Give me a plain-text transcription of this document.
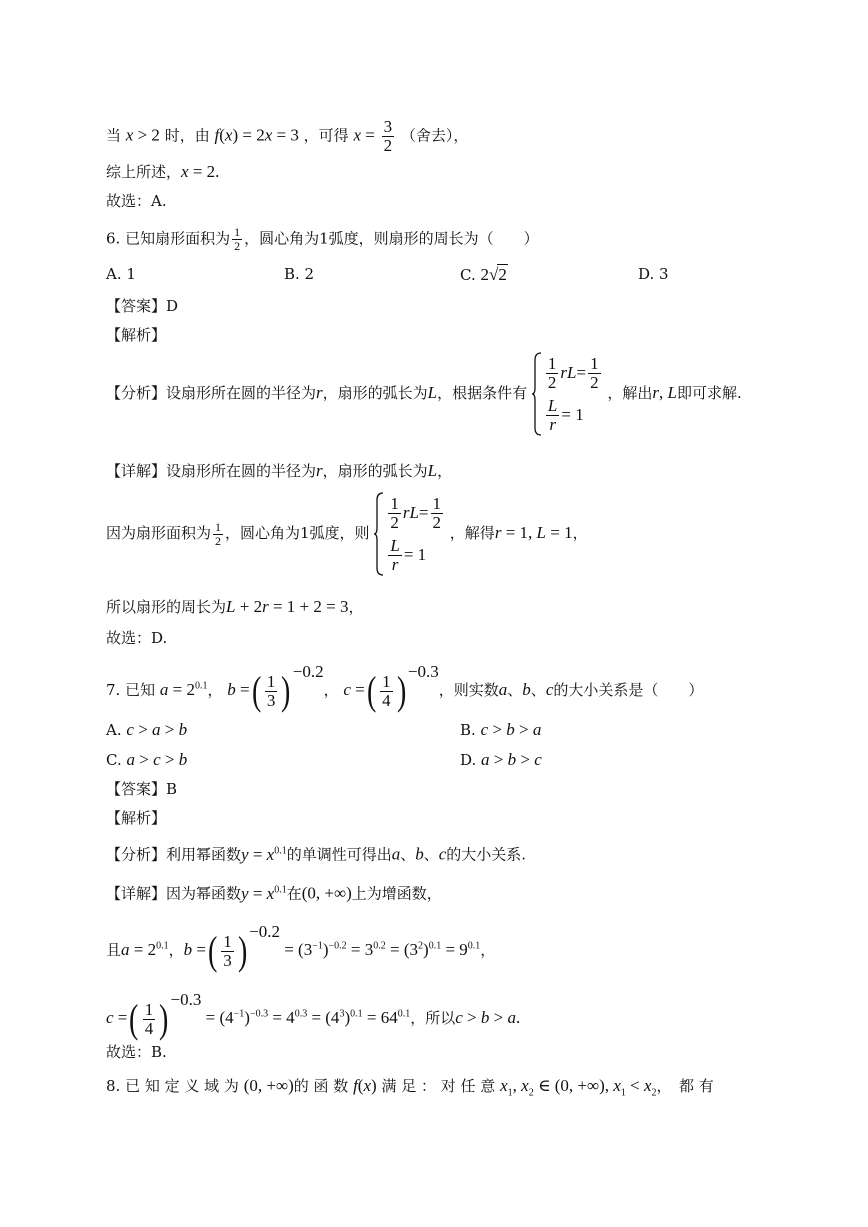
当 x > 2 时，由 f(x) = 2x = 3 ，可得 $x = \frac{3}{2}$ （舍去），
综上所述，x = 2.
故选：A.
6. 已知扇形面积为 $\frac{1}{2}$ ，圆心角为1弧度，则扇形的周长为（　　）
A. 1	B. 2	C. 2√2	D. 3
【答案】D
【解析】
【分析】设扇形所在圆的半径为r，扇形的弧长为L，根据条件有
$\frac{1}{2}$ rL = $\frac{1}{2}$
$\frac{L}{r} = 1$
，解出r, L即可求解.
【详解】设扇形所在圆的半径为r，扇形的弧长为L，
因为扇形面积为 $\frac{1}{2}$ ，圆心角为1弧度，则
$\frac{1}{2}$ rL = $\frac{1}{2}$
$\frac{L}{r} = 1$
，解得r = 1, L = 1，
所以扇形的周长为L + 2r = 1 + 2 = 3，
故选：D.
7. 已知 $a = 2^{0.1}$， b =( $\frac{1}{3}$ ) $^{-0.2}$， c =( $\frac{1}{4}$ ) $^{-0.3}$，则实数a、b、c的大小关系是（　　）
A. c > a > b	B. c > b > a
C. a > c > b	D. a > b > c
【答案】B
【解析】
【分析】利用幂函数$y = x^{0.1}$的单调性可得出a、b、c的大小关系.
【详解】因为幂函数$y = x^{0.1}$在(0, +∞)上为增函数，
且$a = 2^{0.1}$，b =( $\frac{1}{3}$ ) $^{-0.2} = (3^{-1})^{-0.2} = 3^{0.2} = (3^2)^{0.1} = 9^{0.1}$，
c =( $\frac{1}{4}$ ) $^{-0.3} = (4^{-1})^{-0.3} = 4^{0.3} = (4^3)^{0.1} = 64^{0.1}$，所以c > b > a.
故选：B.
8. 已 知 定 义 域 为 (0, +∞)的 函 数 f(x) 满 足 ： 对 任 意 $x_1$, $x_2$ ∈ (0, +∞), $x_1 < x_2$，　都 有
